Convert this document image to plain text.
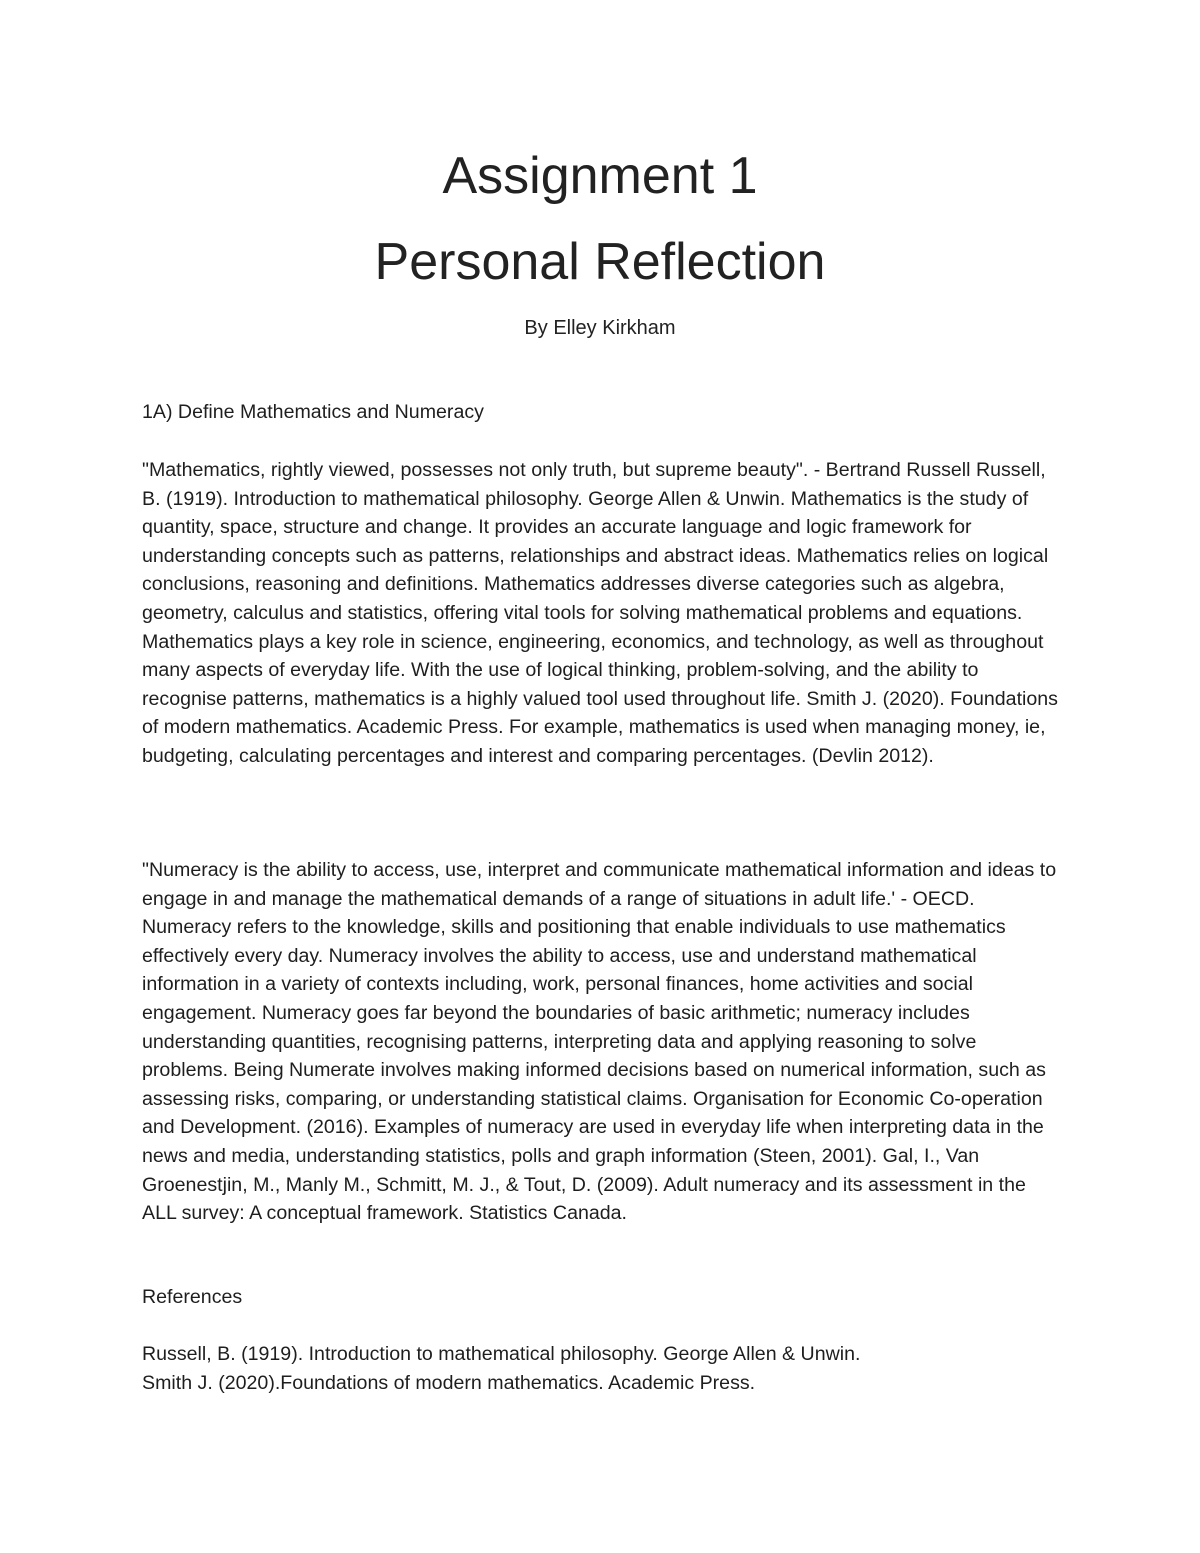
Assignment 1
Personal Reflection
By Elley Kirkham

1A) Define Mathematics and Numeracy

"Mathematics, rightly viewed, possesses not only truth, but supreme beauty". - Bertrand Russell Russell, B. (1919). Introduction to mathematical philosophy. George Allen & Unwin. Mathematics is the study of quantity, space, structure and change. It provides an accurate language and logic framework for understanding concepts such as patterns, relationships and abstract ideas. Mathematics relies on logical conclusions, reasoning and definitions. Mathematics addresses diverse categories such as algebra, geometry, calculus and statistics, offering vital tools for solving mathematical problems and equations. Mathematics plays a key role in science, engineering, economics, and technology, as well as throughout many aspects of everyday life. With the use of logical thinking, problem-solving, and the ability to recognise patterns, mathematics is a highly valued tool used throughout life. Smith J. (2020). Foundations of modern mathematics. Academic Press. For example, mathematics is used when managing money, ie, budgeting, calculating percentages and interest and comparing percentages. (Devlin 2012).

"Numeracy is the ability to access, use, interpret and communicate mathematical information and ideas to engage in and manage the mathematical demands of a range of situations in adult life.' - OECD. Numeracy refers to the knowledge, skills and positioning that enable individuals to use mathematics effectively every day. Numeracy involves the ability to access, use and understand mathematical information in a variety of contexts including, work, personal finances, home activities and social engagement. Numeracy goes far beyond the boundaries of basic arithmetic; numeracy includes understanding quantities, recognising patterns, interpreting data and applying reasoning to solve problems. Being Numerate involves making informed decisions based on numerical information, such as assessing risks, comparing, or understanding statistical claims. Organisation for Economic Co-operation and Development. (2016). Examples of numeracy are used in everyday life when interpreting data in the news and media, understanding statistics, polls and graph information (Steen, 2001). Gal, I., Van Groenestjin, M., Manly M., Schmitt, M. J., & Tout, D. (2009). Adult numeracy and its assessment in the ALL survey: A conceptual framework. Statistics Canada.

References

Russell, B. (1919). Introduction to mathematical philosophy. George Allen & Unwin.
Smith J. (2020).Foundations of modern mathematics. Academic Press.
